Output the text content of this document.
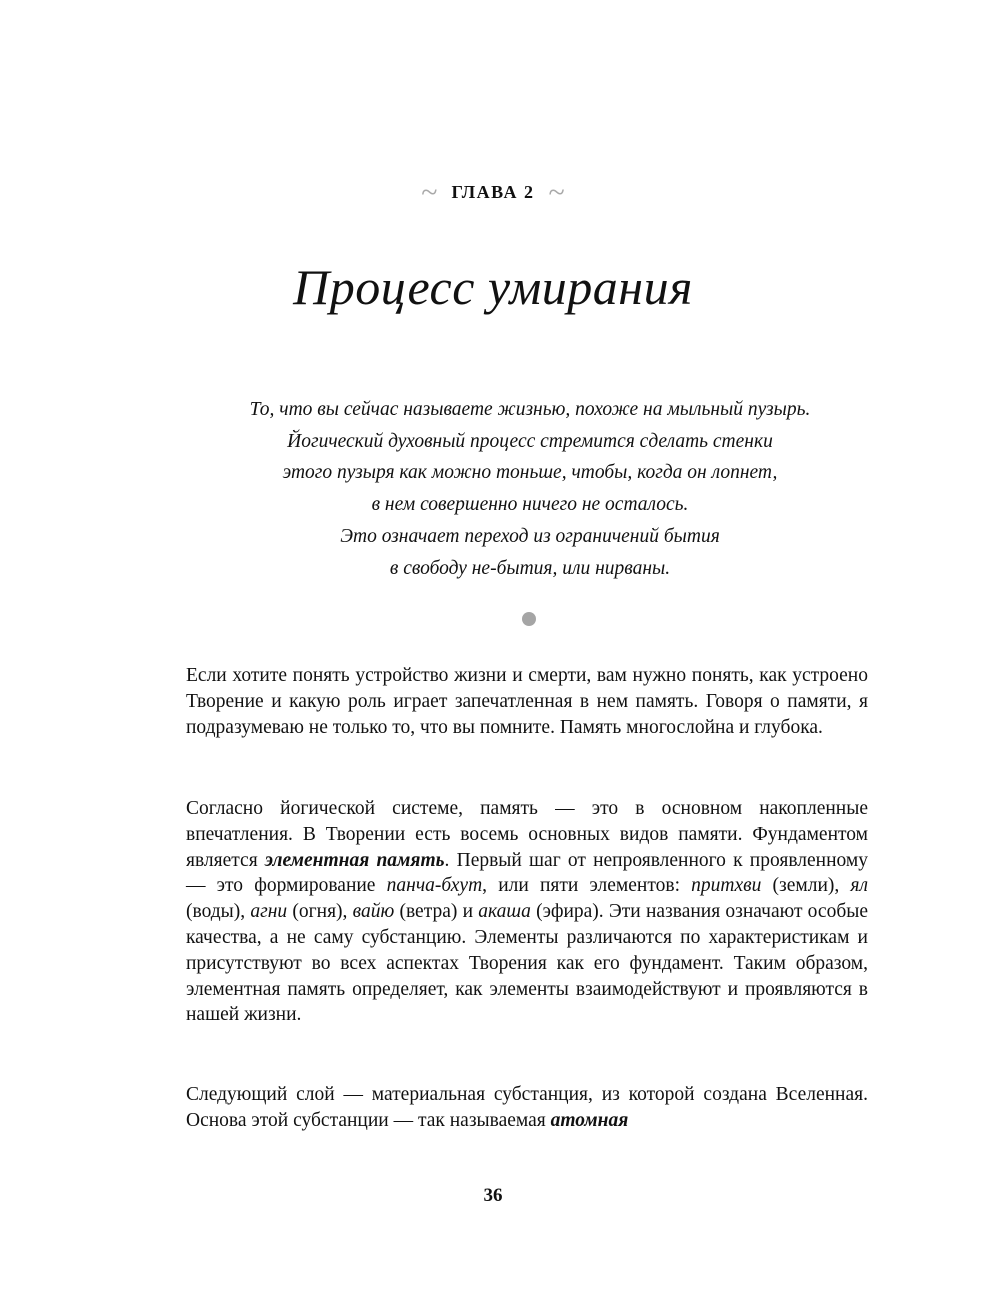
~ ГЛАВА 2 ~
Процесс умирания
То, что вы сейчас называете жизнью, похоже на мыльный пузырь.
Йогический духовный процесс стремится сделать стенки
этого пузыря как можно тоньше, чтобы, когда он лопнет,
в нем совершенно ничего не осталось.
Это означает переход из ограничений бытия
в свободу не-бытия, или нирваны.

Если хотите понять устройство жизни и смерти, вам нужно понять, как устроено Творение и какую роль играет запечатленная в нем память. Говоря о памяти, я подразумеваю не только то, что вы помните. Память многослойна и глубока.

Согласно йогической системе, память — это в основном накопленные впечатления. В Творении есть восемь основных видов памяти. Фундаментом является элементная память. Первый шаг от непроявленного к проявленному — это формирование панча-бхут, или пяти элементов: притхви (земли), ял (воды), агни (огня), вайю (ветра) и акаша (эфира). Эти названия означают особые качества, а не саму субстанцию. Элементы различаются по характеристикам и присутствуют во всех аспектах Творения как его фундамент. Таким образом, элементная память определяет, как элементы взаимодействуют и проявляются в нашей жизни.

Следующий слой — материальная субстанция, из которой создана Вселенная. Основа этой субстанции — так называемая атомная

36
